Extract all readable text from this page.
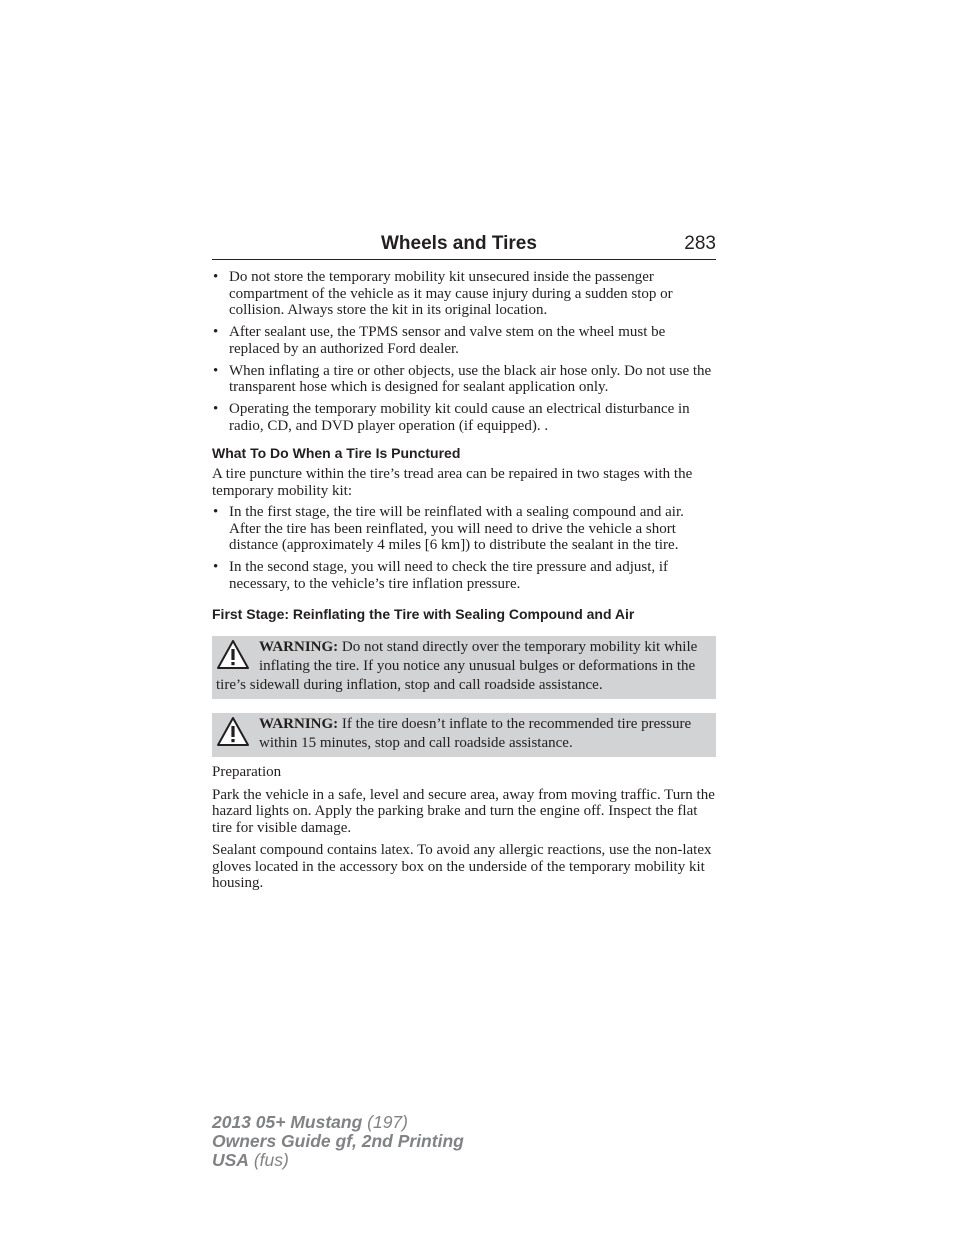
Wheels and Tires	283
• Do not store the temporary mobility kit unsecured inside the passenger compartment of the vehicle as it may cause injury during a sudden stop or collision. Always store the kit in its original location.
• After sealant use, the TPMS sensor and valve stem on the wheel must be replaced by an authorized Ford dealer.
• When inflating a tire or other objects, use the black air hose only. Do not use the transparent hose which is designed for sealant application only.
• Operating the temporary mobility kit could cause an electrical disturbance in radio, CD, and DVD player operation (if equipped). .
What To Do When a Tire Is Punctured

A tire puncture within the tire’s tread area can be repaired in two stages with the temporary mobility kit:

• In the first stage, the tire will be reinflated with a sealing compound and air. After the tire has been reinflated, you will need to drive the vehicle a short distance (approximately 4 miles [6 km]) to distribute the sealant in the tire.
• In the second stage, you will need to check the tire pressure and adjust, if necessary, to the vehicle’s tire inflation pressure.
First Stage: Reinflating the Tire with Sealing Compound and Air
WARNING: Do not stand directly over the temporary mobility kit while inflating the tire. If you notice any unusual bulges or deformations in the tire’s sidewall during inflation, stop and call roadside assistance.
WARNING: If the tire doesn’t inflate to the recommended tire pressure within 15 minutes, stop and call roadside assistance.

Preparation

Park the vehicle in a safe, level and secure area, away from moving traffic. Turn the hazard lights on. Apply the parking brake and turn the engine off. Inspect the flat tire for visible damage.

Sealant compound contains latex. To avoid any allergic reactions, use the non-latex gloves located in the accessory box on the underside of the temporary mobility kit housing.

2013 05+ Mustang (197)
Owners Guide gf, 2nd Printing
USA (fus)
